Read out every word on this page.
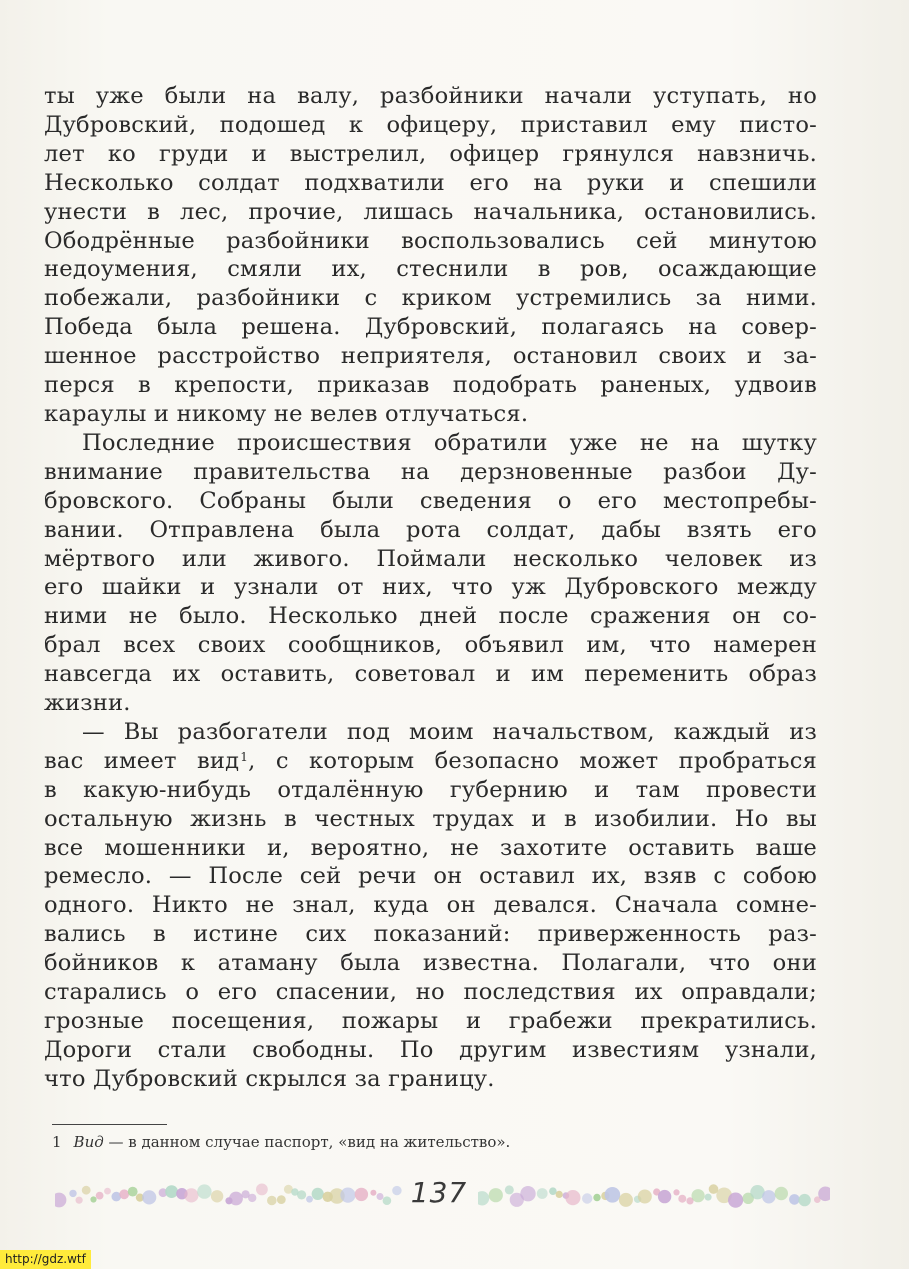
ты уже были на валу, разбойники начали уступать, но
Дубровский, подошед к офицеру, приставил ему писто-
лет ко груди и выстрелил, офицер грянулся навзничь.
Несколько солдат подхватили его на руки и спешили
унести в лес, прочие, лишась начальника, остановились.
Ободрённые разбойники воспользовались сей минутою
недоумения, смяли их, стеснили в ров, осаждающие
побежали, разбойники с криком устремились за ними.
Победа была решена. Дубровский, полагаясь на совер-
шенное расстройство неприятеля, остановил своих и за-
перся в крепости, приказав подобрать раненых, удвоив
караулы и никому не велев отлучаться.

Последние происшествия обратили уже не на шутку
внимание правительства на дерзновенные разбои Ду-
бровского. Собраны были сведения о его местопребы-
вании. Отправлена была рота солдат, дабы взять его
мёртвого или живого. Поймали несколько человек из
его шайки и узнали от них, что уж Дубровского между
ними не было. Несколько дней после сражения он со-
брал всех своих сообщников, объявил им, что намерен
навсегда их оставить, советовал и им переменить образ
жизни.

— Вы разбогатели под моим начальством, каждый из
вас имеет вид$^1$, с которым безопасно может пробраться
в какую-нибудь отдалённую губернию и там провести
остальную жизнь в честных трудах и в изобилии. Но вы
все мошенники и, вероятно, не захотите оставить ваше
ремесло. — После сей речи он оставил их, взяв с собою
одного. Никто не знал, куда он девался. Сначала сомне-
вались в истине сих показаний: приверженность раз-
бойников к атаману была известна. Полагали, что они
старались о его спасении, но последствия их оправдали;
грозные посещения, пожары и грабежи прекратились.
Дороги стали свободны. По другим известиям узнали,
что Дубровский скрылся за границу.

1 Вид — в данном случае паспорт, «вид на жительство».
137
http://gdz.wtf
